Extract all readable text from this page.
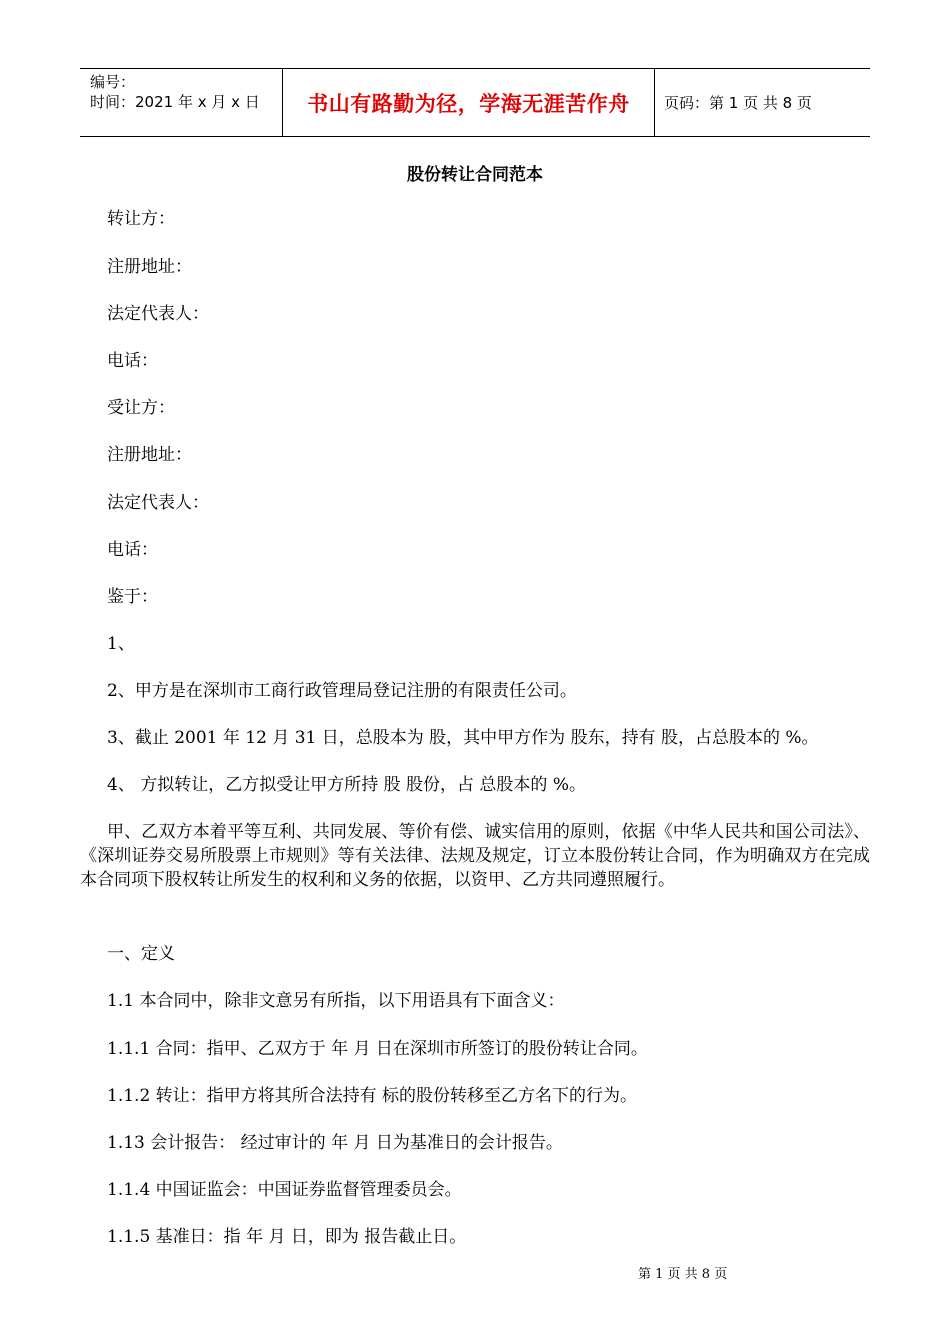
编号：
时间：2021 年 x 月 x 日	书山有路勤为径，学海无涯苦作舟	页码：第 1 页 共 8 页
股份转让合同范本
转让方：
注册地址：
法定代表人：
电话：
受让方：
注册地址：
法定代表人：
电话：
鉴于：
1、
2、甲方是在深圳市工商行政管理局登记注册的有限责任公司。
3、截止 2001 年 12 月 31 日，总股本为 股，其中甲方作为 股东，持有 股，占总股本的 %。
4、 方拟转让，乙方拟受让甲方所持 股 股份，占 总股本的 %。
甲、乙双方本着平等互利、共同发展、等价有偿、诚实信用的原则，依据《中华人民共和国公司法》、《深圳证券交易所股票上市规则》等有关法律、法规及规定，订立本股份转让合同，作为明确双方在完成本合同项下股权转让所发生的权利和义务的依据，以资甲、乙方共同遵照履行。
一、定义
1.1 本合同中，除非文意另有所指，以下用语具有下面含义：
1.1.1 合同：指甲、乙双方于 年 月 日在深圳市所签订的股份转让合同。
1.1.2 转让：指甲方将其所合法持有 标的股份转移至乙方名下的行为。
1.13 会计报告： 经过审计的 年 月 日为基准日的会计报告。
1.1.4 中国证监会：中国证券监督管理委员会。
1.1.5 基准日：指 年 月 日，即为 报告截止日。
第 1 页 共 8 页
